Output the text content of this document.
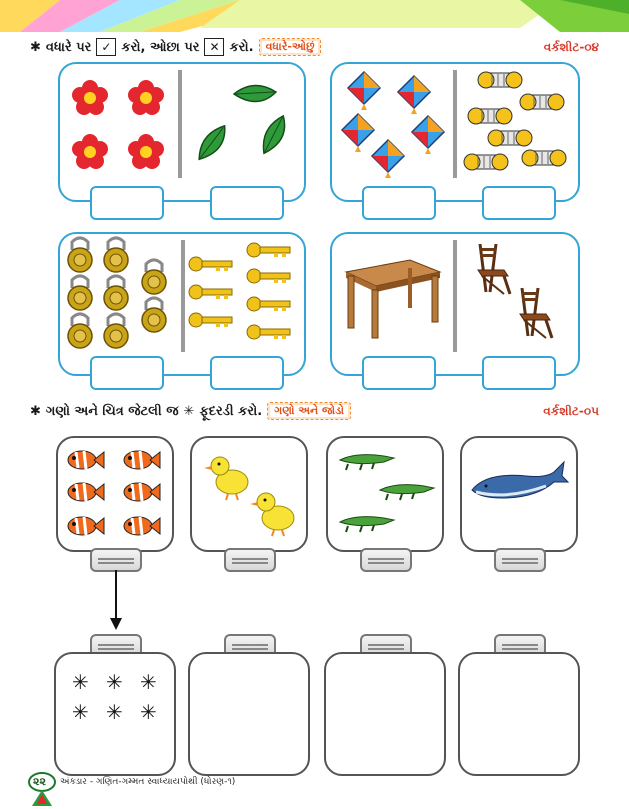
✱ વધારે પર ✓ કરો, ઓછા પર ✕ કરો.	વધારે-ઓછું	વર્કશીટ-૦૪
✱ ગણો અને ચિત્ર જેટલી જ ✳ ફૂદરડી કરો.	ગણો અને જોડો	વર્કશીટ-૦૫
✳ ✳ ✳
✳ ✳ ✳
૨૨ અંક્ડાર - ગણિત-ગમ્મત સ્વાધ્યાયપોથી (ધોરણ-૧)
